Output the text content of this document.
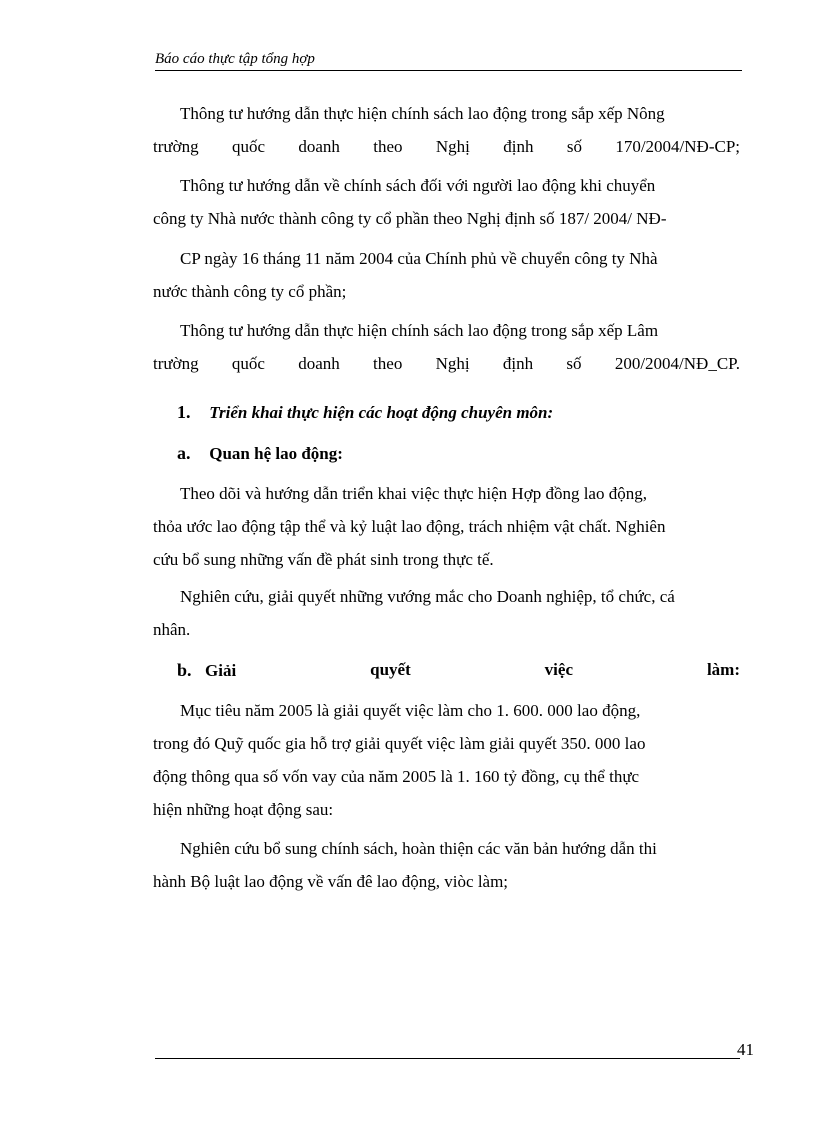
Báo cáo thực tập tổng hợp
Thông tư hướng dẫn thực hiện chính sách lao động trong sắp xếp Nông
trường quốc doanh theo Nghị định số 170/2004/NĐ-CP;
Thông tư hướng dẫn về chính sách đối với người lao động khi chuyển
công ty Nhà nước thành công ty cổ phần theo Nghị định số 187/ 2004/ NĐ-
CP ngày 16 tháng 11 năm 2004 của Chính phủ về chuyển công ty Nhà
nước thành công ty cổ phần;
Thông tư hướng dẫn thực hiện chính sách lao động trong sắp xếp Lâm
trường quốc doanh theo Nghị định số 200/2004/NĐ_CP.
1. Triển khai thực hiện các hoạt động chuyên môn:
a. Quan hệ lao động:
Theo dõi và hướng dẫn triển khai việc thực hiện Hợp đồng lao động,
thỏa ước lao động tập thể và kỷ luật lao động, trách nhiệm vật chất. Nghiên
cứu bổ sung những vấn đề phát sinh trong thực tế.
Nghiên cứu, giải quyết những vướng mắc cho Doanh nghiệp, tổ chức, cá
nhân.
b. Giải	quyết	việc	làm:
Mục tiêu năm 2005 là giải quyết việc làm cho 1. 600. 000 lao động,
trong đó Quỹ quốc gia hỗ trợ giải quyết việc làm giải quyết 350. 000 lao
động thông qua số vốn vay của năm 2005 là 1. 160 tỷ đồng, cụ thể thực
hiện những hoạt động sau:
Nghiên cứu bổ sung chính sách, hoàn thiện các văn bản hướng dẫn thi
hành Bộ luật lao động về vấn đê lao động, viòc làm;
41
